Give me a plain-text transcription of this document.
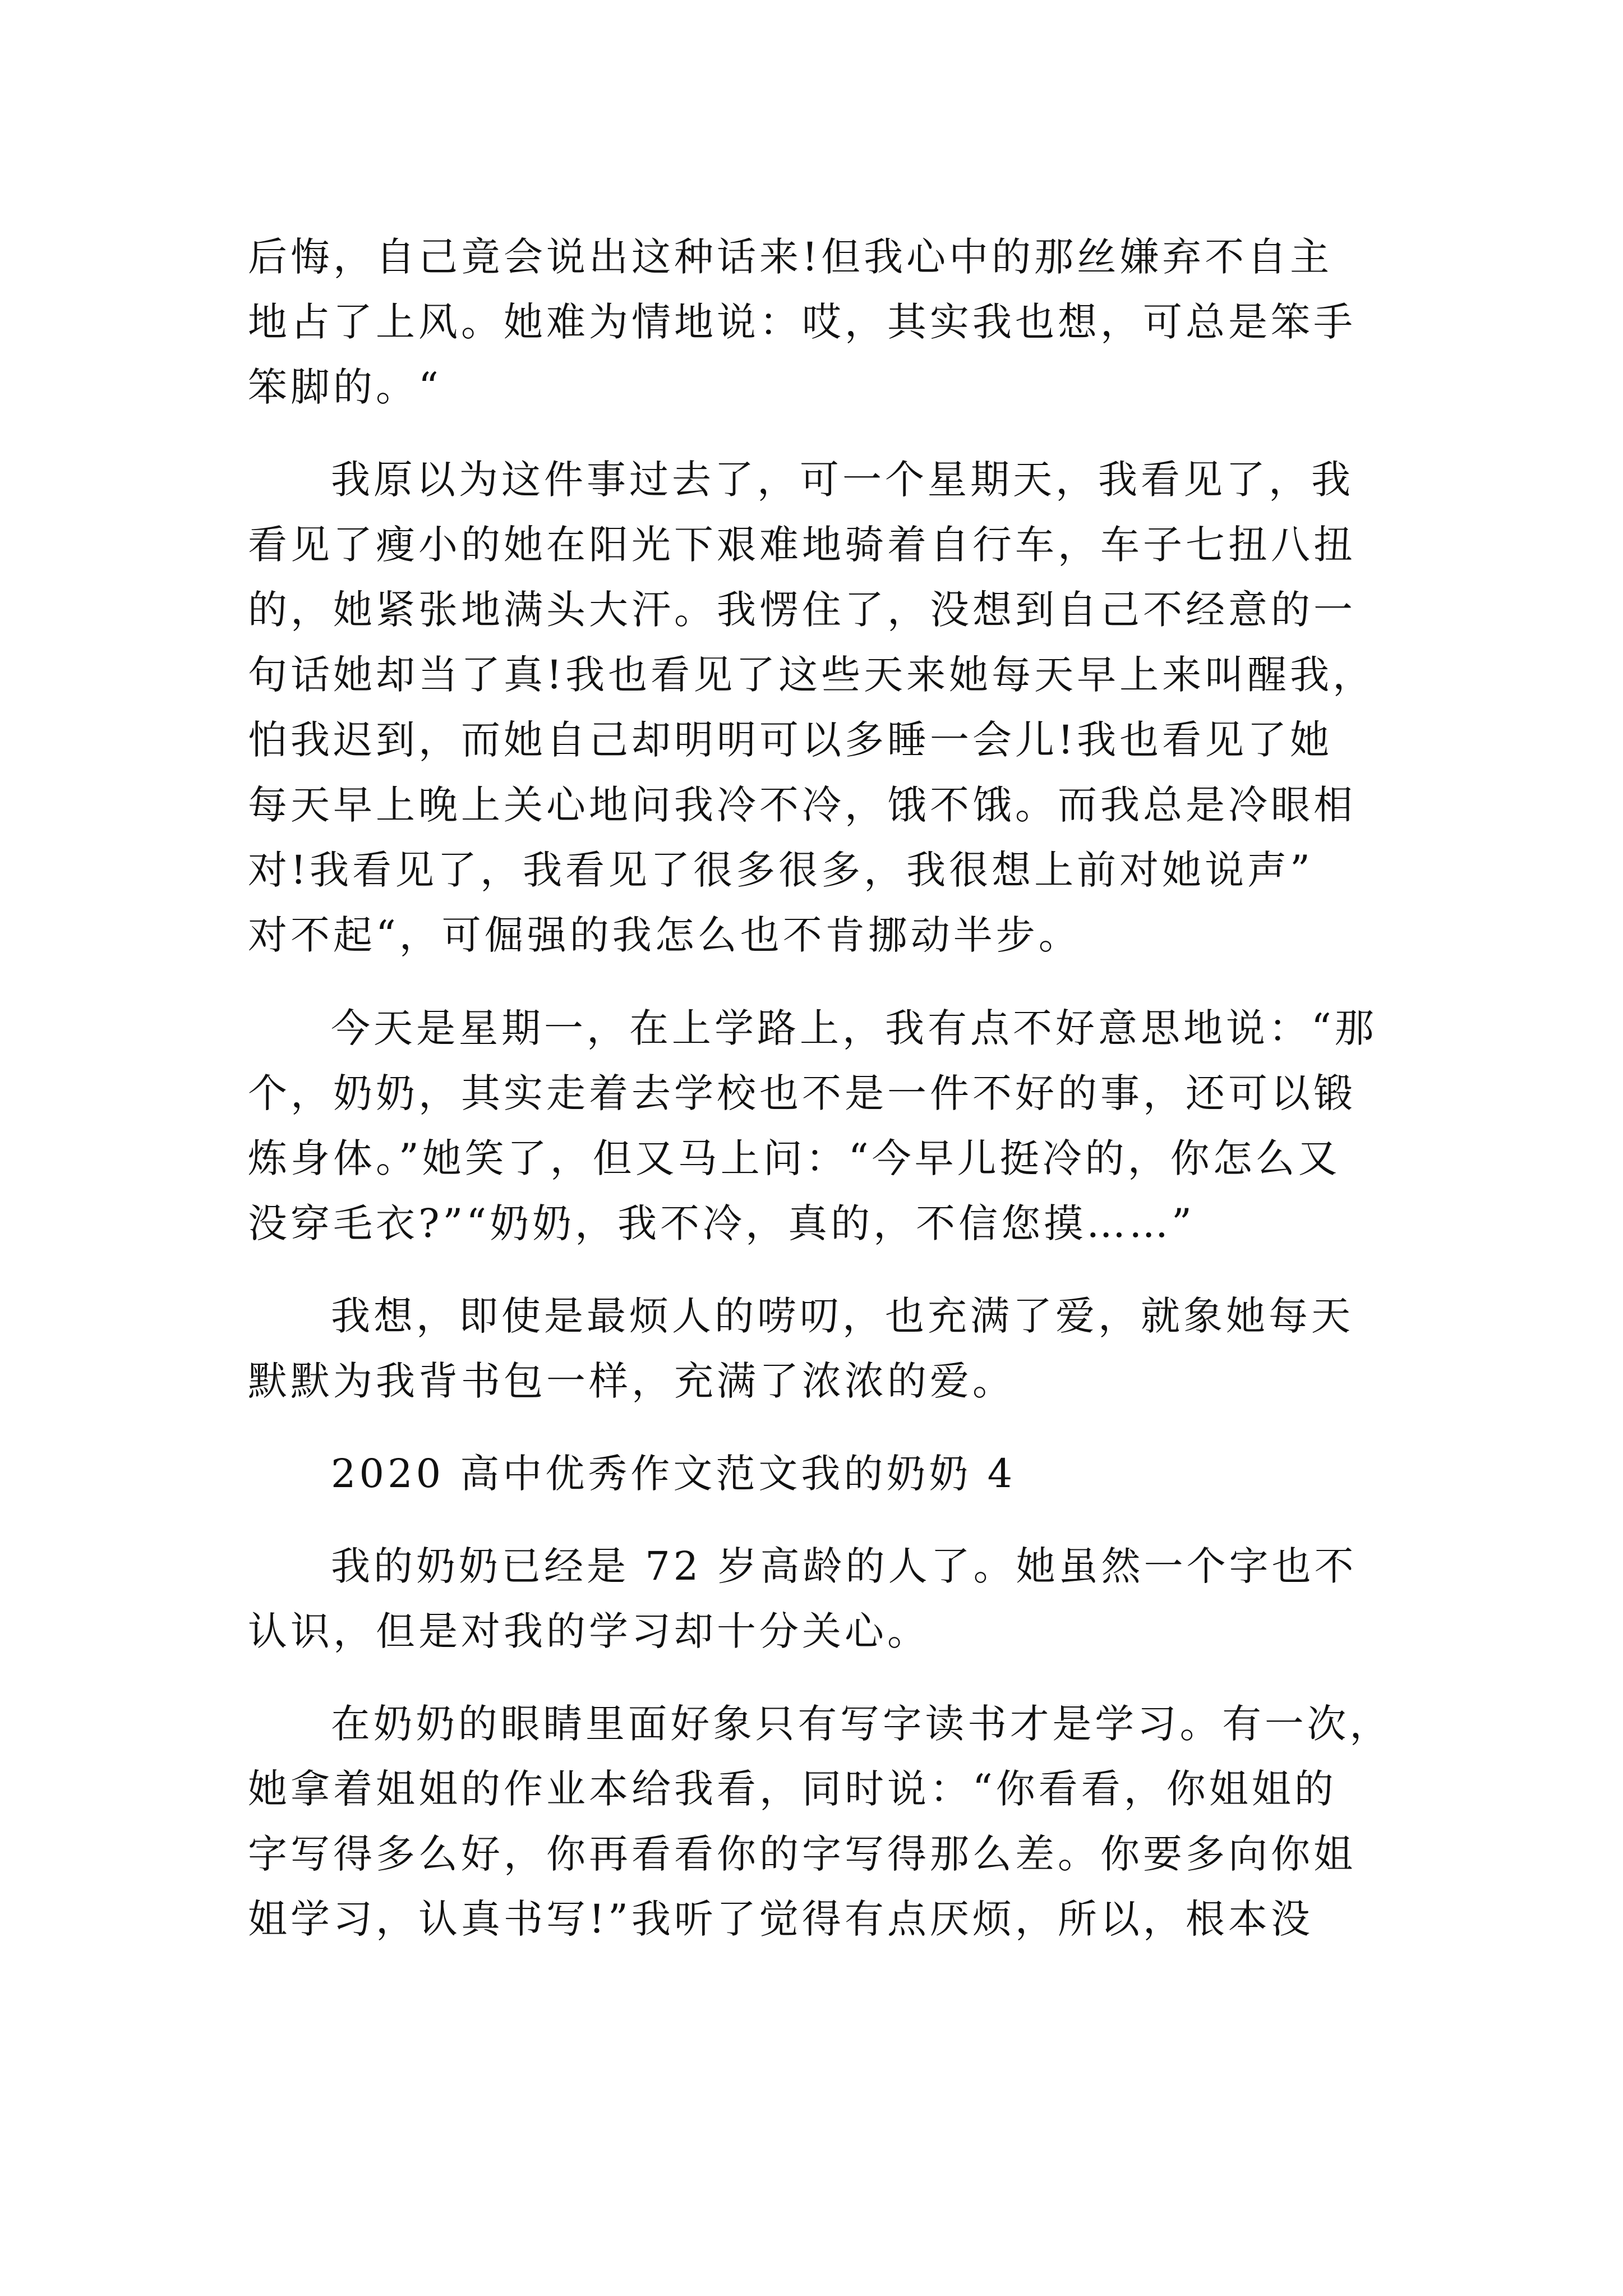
后悔，自己竟会说出这种话来!但我心中的那丝嫌弃不自主
地占了上风。她难为情地说：哎，其实我也想，可总是笨手
笨脚的。“
我原以为这件事过去了，可一个星期天，我看见了，我
看见了瘦小的她在阳光下艰难地骑着自行车，车子七扭八扭
的，她紧张地满头大汗。我愣住了，没想到自己不经意的一
句话她却当了真!我也看见了这些天来她每天早上来叫醒我，
怕我迟到，而她自己却明明可以多睡一会儿!我也看见了她
每天早上晚上关心地问我冷不冷，饿不饿。而我总是冷眼相
对!我看见了，我看见了很多很多，我很想上前对她说声”
对不起“，可倔强的我怎么也不肯挪动半步。
今天是星期一，在上学路上，我有点不好意思地说：“那
个，奶奶，其实走着去学校也不是一件不好的事，还可以锻
炼身体。”她笑了，但又马上问：“今早儿挺冷的，你怎么又
没穿毛衣?”“奶奶，我不冷，真的，不信您摸……”
我想，即使是最烦人的唠叨，也充满了爱，就象她每天
默默为我背书包一样，充满了浓浓的爱。
2020 高中优秀作文范文我的奶奶 4
我的奶奶已经是 72 岁高龄的人了。她虽然一个字也不
认识，但是对我的学习却十分关心。
在奶奶的眼睛里面好象只有写字读书才是学习。有一次，
她拿着姐姐的作业本给我看，同时说：“你看看，你姐姐的
字写得多么好，你再看看你的字写得那么差。你要多向你姐
姐学习，认真书写!”我听了觉得有点厌烦，所以，根本没
